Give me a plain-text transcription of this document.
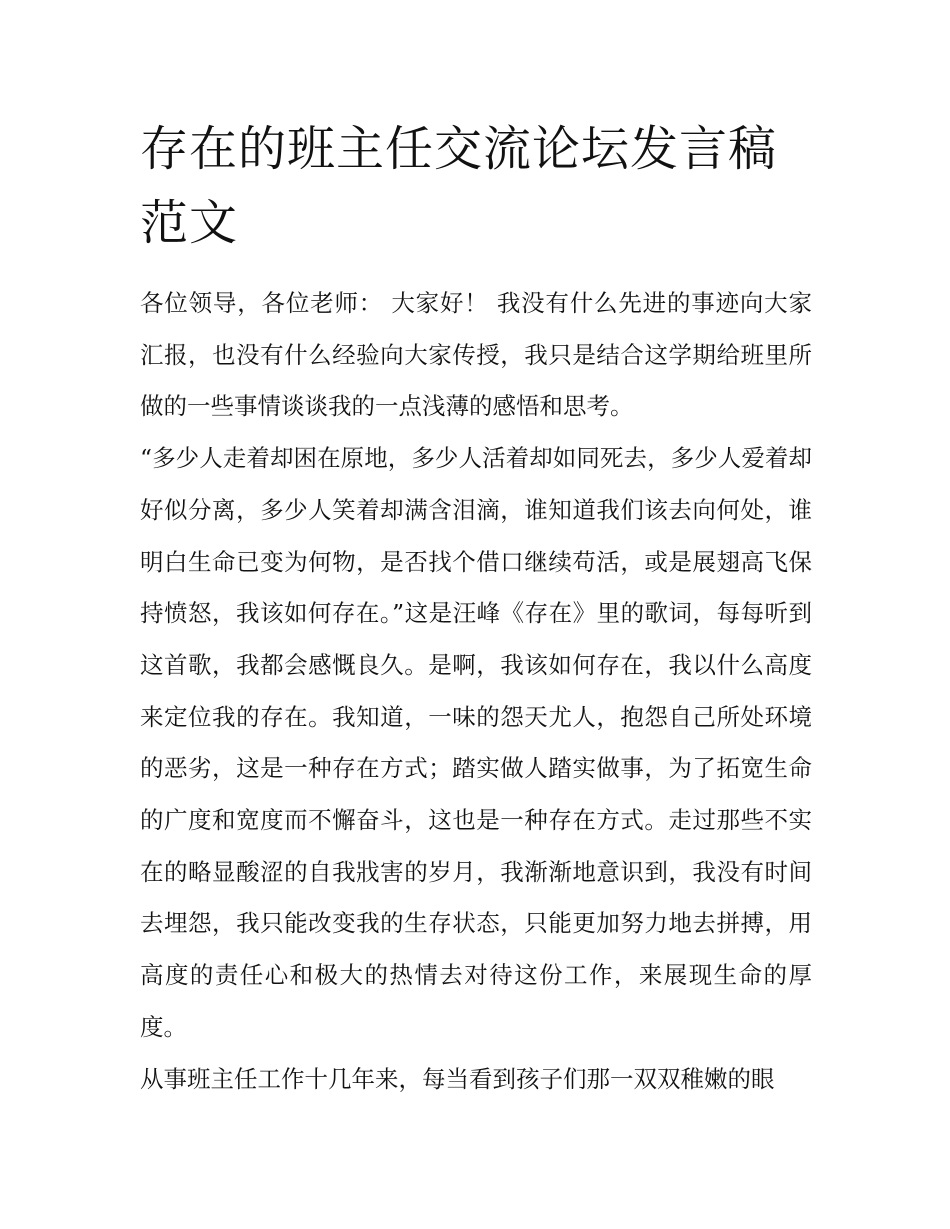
存在的班主任交流论坛发言稿范文

各位领导，各位老师： 大家好！ 我没有什么先进的事迹向大家汇报，也没有什么经验向大家传授，我只是结合这学期给班里所做的一些事情谈谈我的一点浅薄的感悟和思考。

“多少人走着却困在原地，多少人活着却如同死去，多少人爱着却好似分离，多少人笑着却满含泪滴，谁知道我们该去向何处，谁明白生命已变为何物，是否找个借口继续苟活，或是展翅高飞保持愤怒，我该如何存在。”这是汪峰《存在》里的歌词，每每听到这首歌，我都会感慨良久。是啊，我该如何存在，我以什么高度来定位我的存在。我知道，一味的怨天尤人，抱怨自己所处环境的恶劣，这是一种存在方式；踏实做人踏实做事，为了拓宽生命的广度和宽度而不懈奋斗，这也是一种存在方式。走过那些不实在的略显酸涩的自我戕害的岁月，我渐渐地意识到，我没有时间去埋怨，我只能改变我的生存状态，只能更加努力地去拼搏，用高度的责任心和极大的热情去对待这份工作，来展现生命的厚度。

从事班主任工作十几年来，每当看到孩子们那一双双稚嫩的眼
